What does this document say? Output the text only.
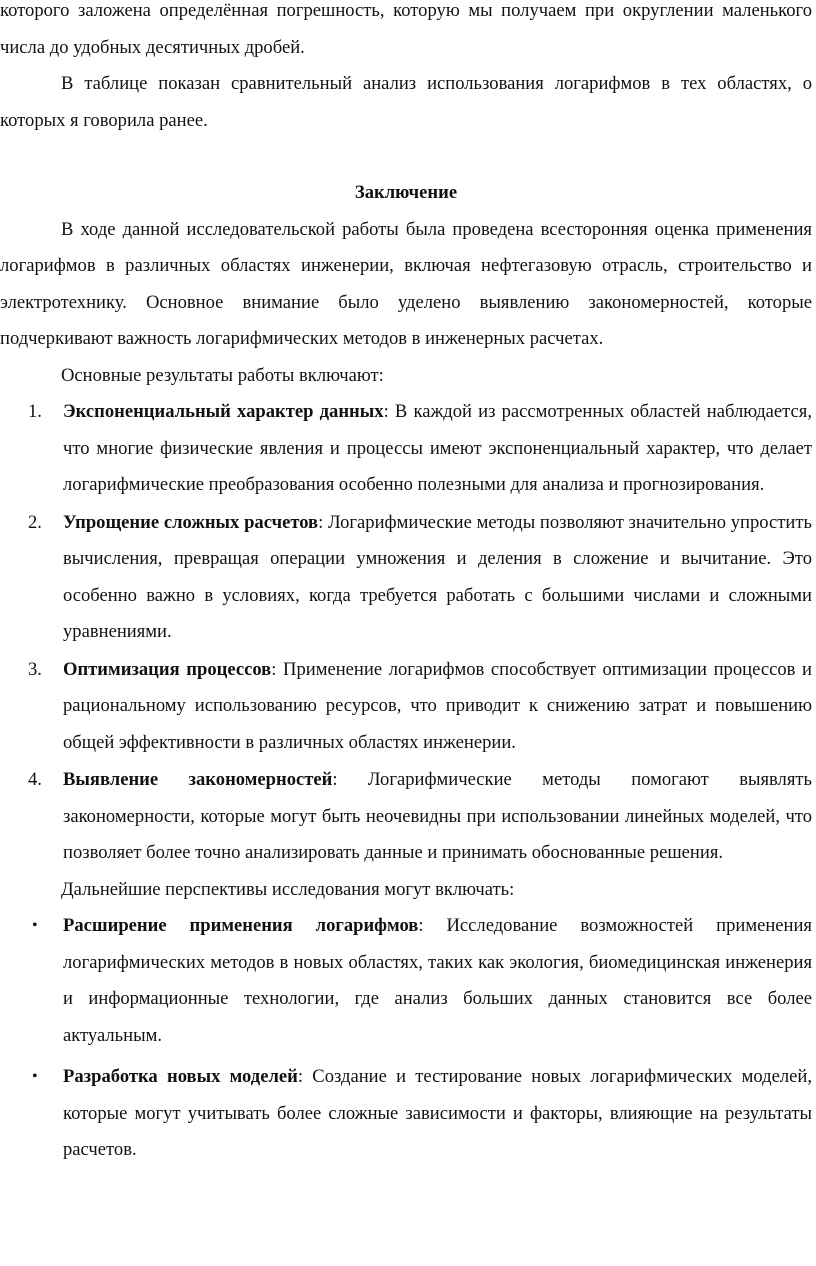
которого заложена определённая погрешность, которую мы получаем при округлении маленького числа до удобных десятичных дробей.

В таблице показан сравнительный анализ использования логарифмов в тех областях, о которых я говорила ранее.

Заключение

В ходе данной исследовательской работы была проведена всесторонняя оценка применения логарифмов в различных областях инженерии, включая нефтегазовую отрасль, строительство и электротехнику. Основное внимание было уделено выявлению закономерностей, которые подчеркивают важность логарифмических методов в инженерных расчетах.

Основные результаты работы включают:

1. Экспоненциальный характер данных: В каждой из рассмотренных областей наблюдается, что многие физические явления и процессы имеют экспоненциальный характер, что делает логарифмические преобразования особенно полезными для анализа и прогнозирования.
2. Упрощение сложных расчетов: Логарифмические методы позволяют значительно упростить вычисления, превращая операции умножения и деления в сложение и вычитание. Это особенно важно в условиях, когда требуется работать с большими числами и сложными уравнениями.
3. Оптимизация процессов: Применение логарифмов способствует оптимизации процессов и рациональному использованию ресурсов, что приводит к снижению затрат и повышению общей эффективности в различных областях инженерии.
4. Выявление закономерностей: Логарифмические методы помогают выявлять закономерности, которые могут быть неочевидны при использовании линейных моделей, что позволяет более точно анализировать данные и принимать обоснованные решения.

Дальнейшие перспективы исследования могут включать:

• Расширение применения логарифмов: Исследование возможностей применения логарифмических методов в новых областях, таких как экология, биомедицинская инженерия и информационные технологии, где анализ больших данных становится все более актуальным.
• Разработка новых моделей: Создание и тестирование новых логарифмических моделей, которые могут учитывать более сложные зависимости и факторы, влияющие на результаты расчетов.
